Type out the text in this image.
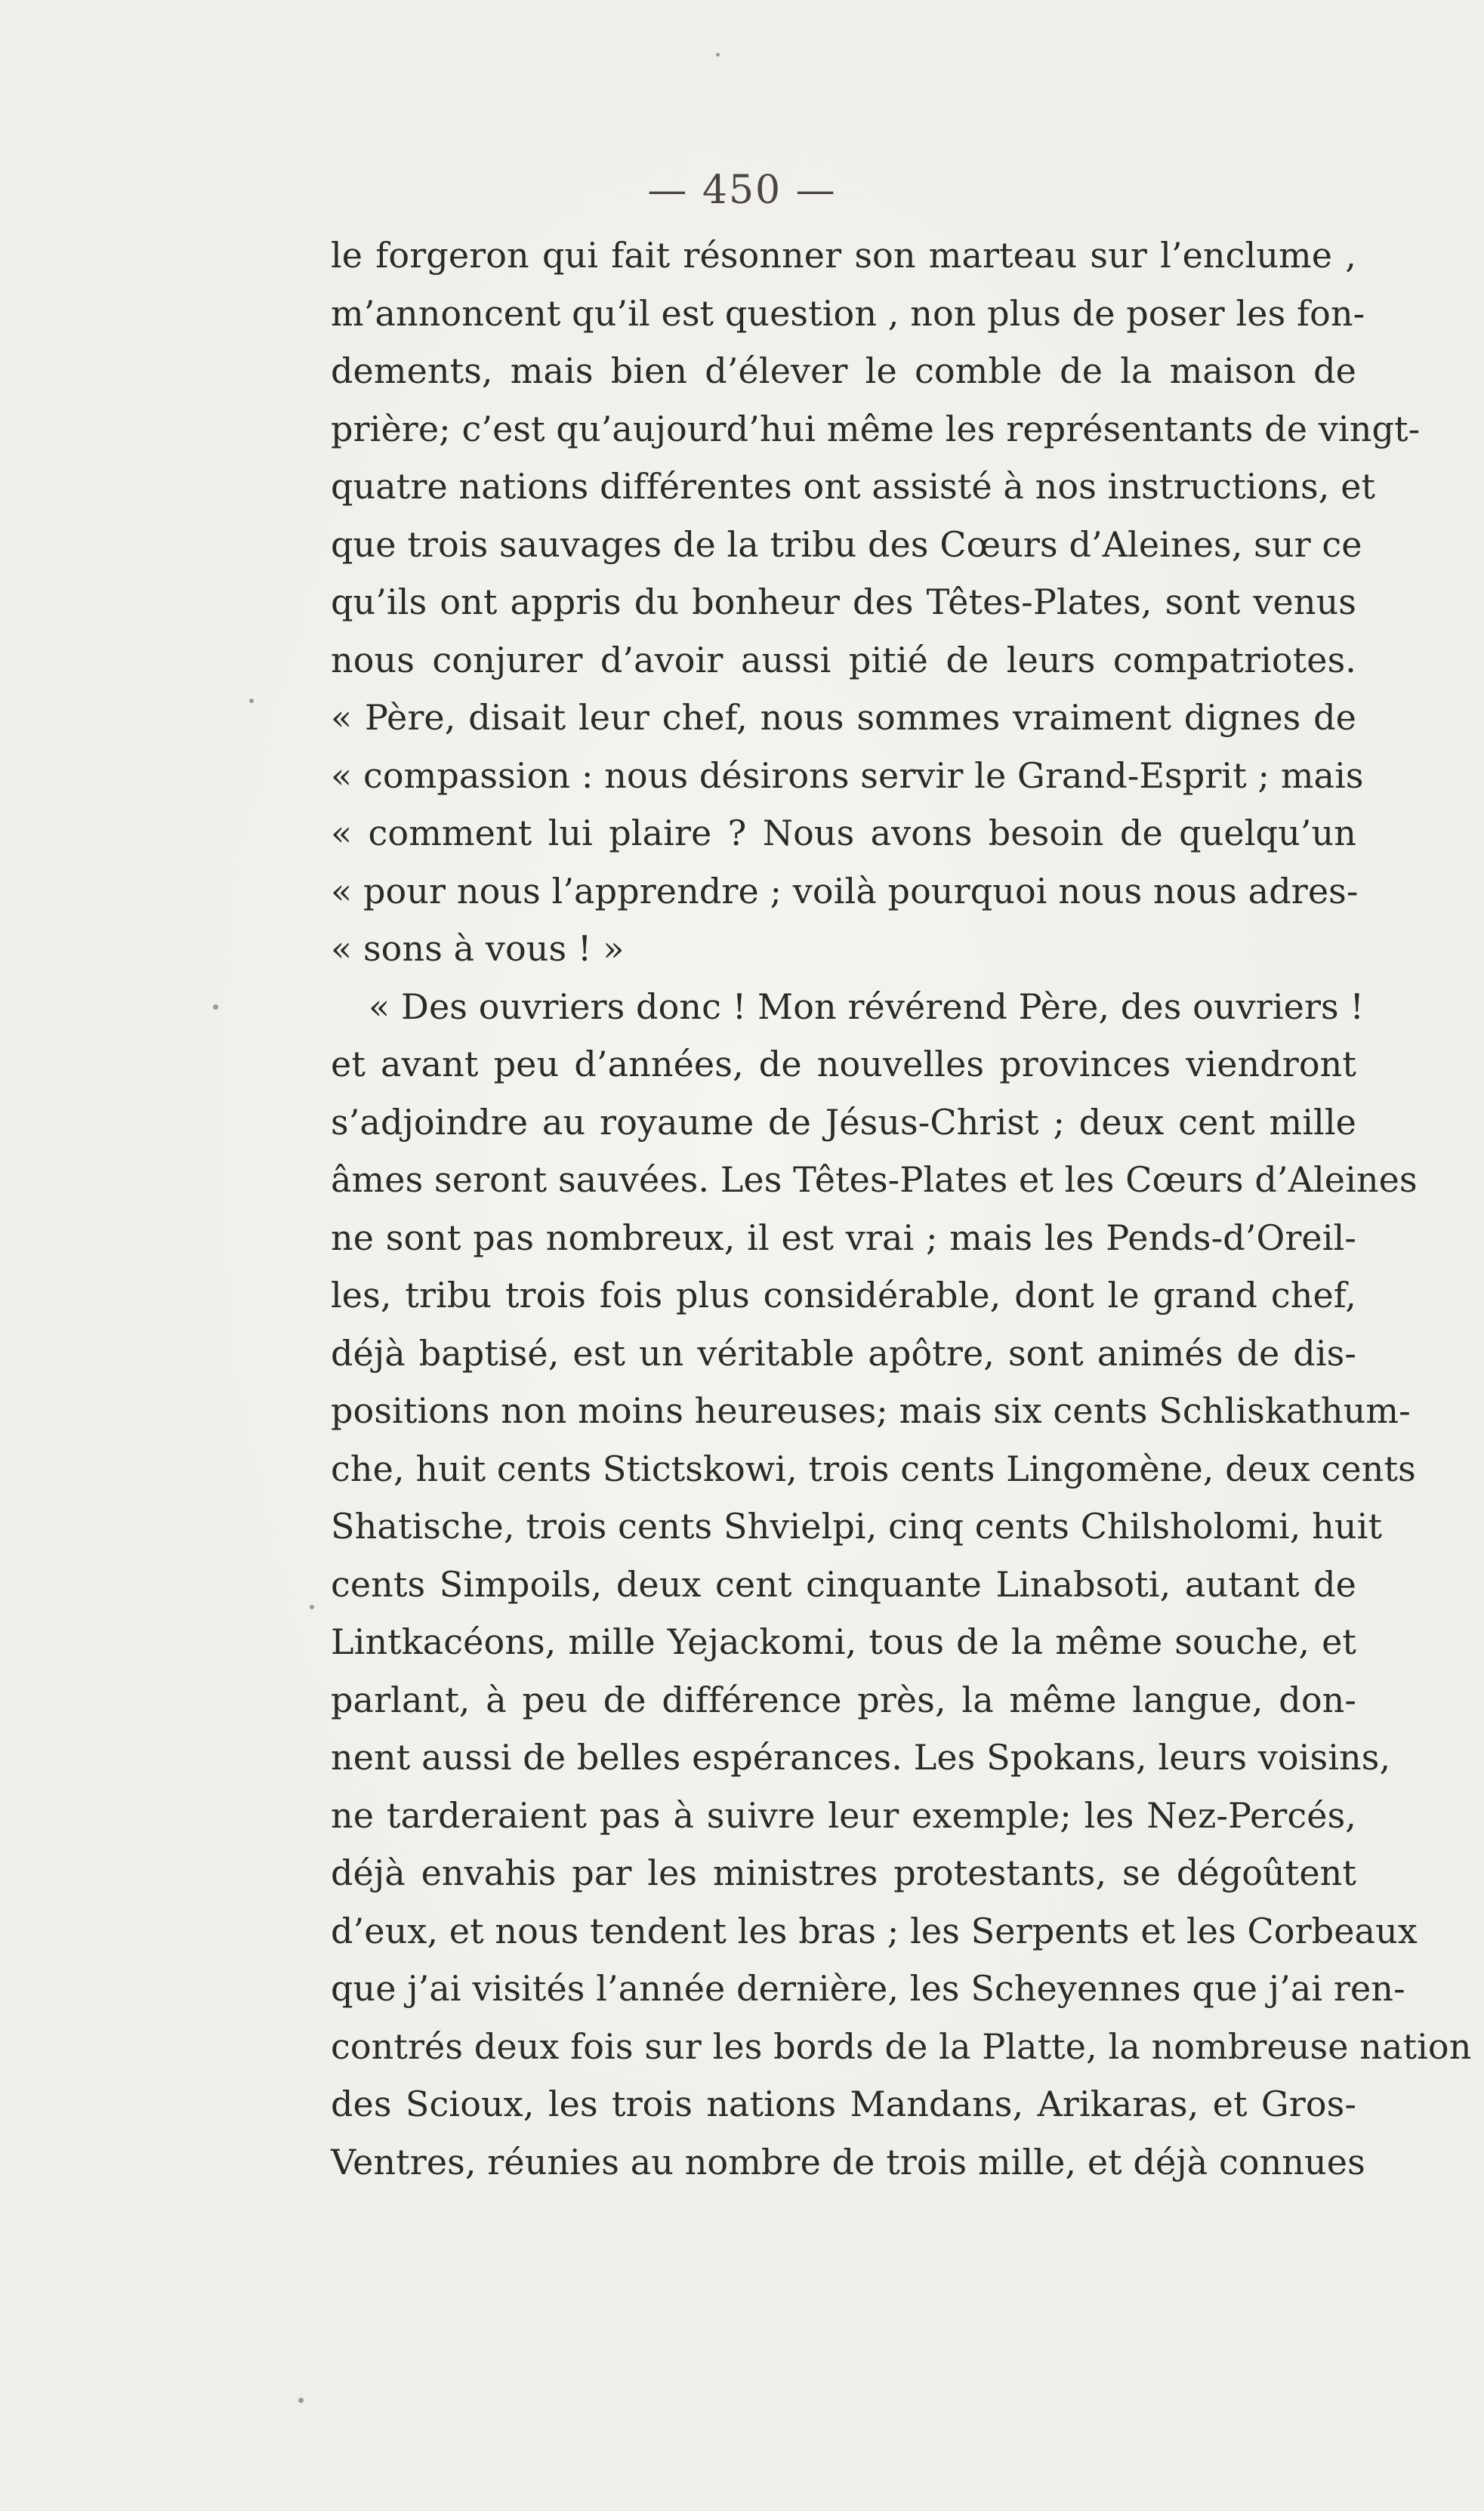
— 450 —
le forgeron qui fait résonner son marteau sur l’enclume ,
m’annoncent qu’il est question , non plus de poser les fon-
dements, mais bien d’élever le comble de la maison de
prière; c’est qu’aujourd’hui même les représentants de vingt-
quatre nations différentes ont assisté à nos instructions, et
que trois sauvages de la tribu des Cœurs d’Aleines, sur ce
qu’ils ont appris du bonheur des Têtes-Plates, sont venus
nous conjurer d’avoir aussi pitié de leurs compatriotes.
« Père, disait leur chef, nous sommes vraiment dignes de
« compassion : nous désirons servir le Grand-Esprit ; mais
« comment lui plaire ? Nous avons besoin de quelqu’un
« pour nous l’apprendre ; voilà pourquoi nous nous adres-
« sons à vous ! »
« Des ouvriers donc ! Mon révérend Père, des ouvriers !
et avant peu d’années, de nouvelles provinces viendront
s’adjoindre au royaume de Jésus-Christ ; deux cent mille
âmes seront sauvées. Les Têtes-Plates et les Cœurs d’Aleines
ne sont pas nombreux, il est vrai ; mais les Pends-d’Oreil-
les, tribu trois fois plus considérable, dont le grand chef,
déjà baptisé, est un véritable apôtre, sont animés de dis-
positions non moins heureuses; mais six cents Schliskathum-
che, huit cents Stictskowi, trois cents Lingomène, deux cents
Shatische, trois cents Shvielpi, cinq cents Chilsholomi, huit
cents Simpoils, deux cent cinquante Linabsoti, autant de
Lintkacéons, mille Yejackomi, tous de la même souche, et
parlant, à peu de différence près, la même langue, don-
nent aussi de belles espérances. Les Spokans, leurs voisins,
ne tarderaient pas à suivre leur exemple; les Nez-Percés,
déjà envahis par les ministres protestants, se dégoûtent
d’eux, et nous tendent les bras ; les Serpents et les Corbeaux
que j’ai visités l’année dernière, les Scheyennes que j’ai ren-
contrés deux fois sur les bords de la Platte, la nombreuse nation
des Scioux, les trois nations Mandans, Arikaras, et Gros-
Ventres, réunies au nombre de trois mille, et déjà connues
